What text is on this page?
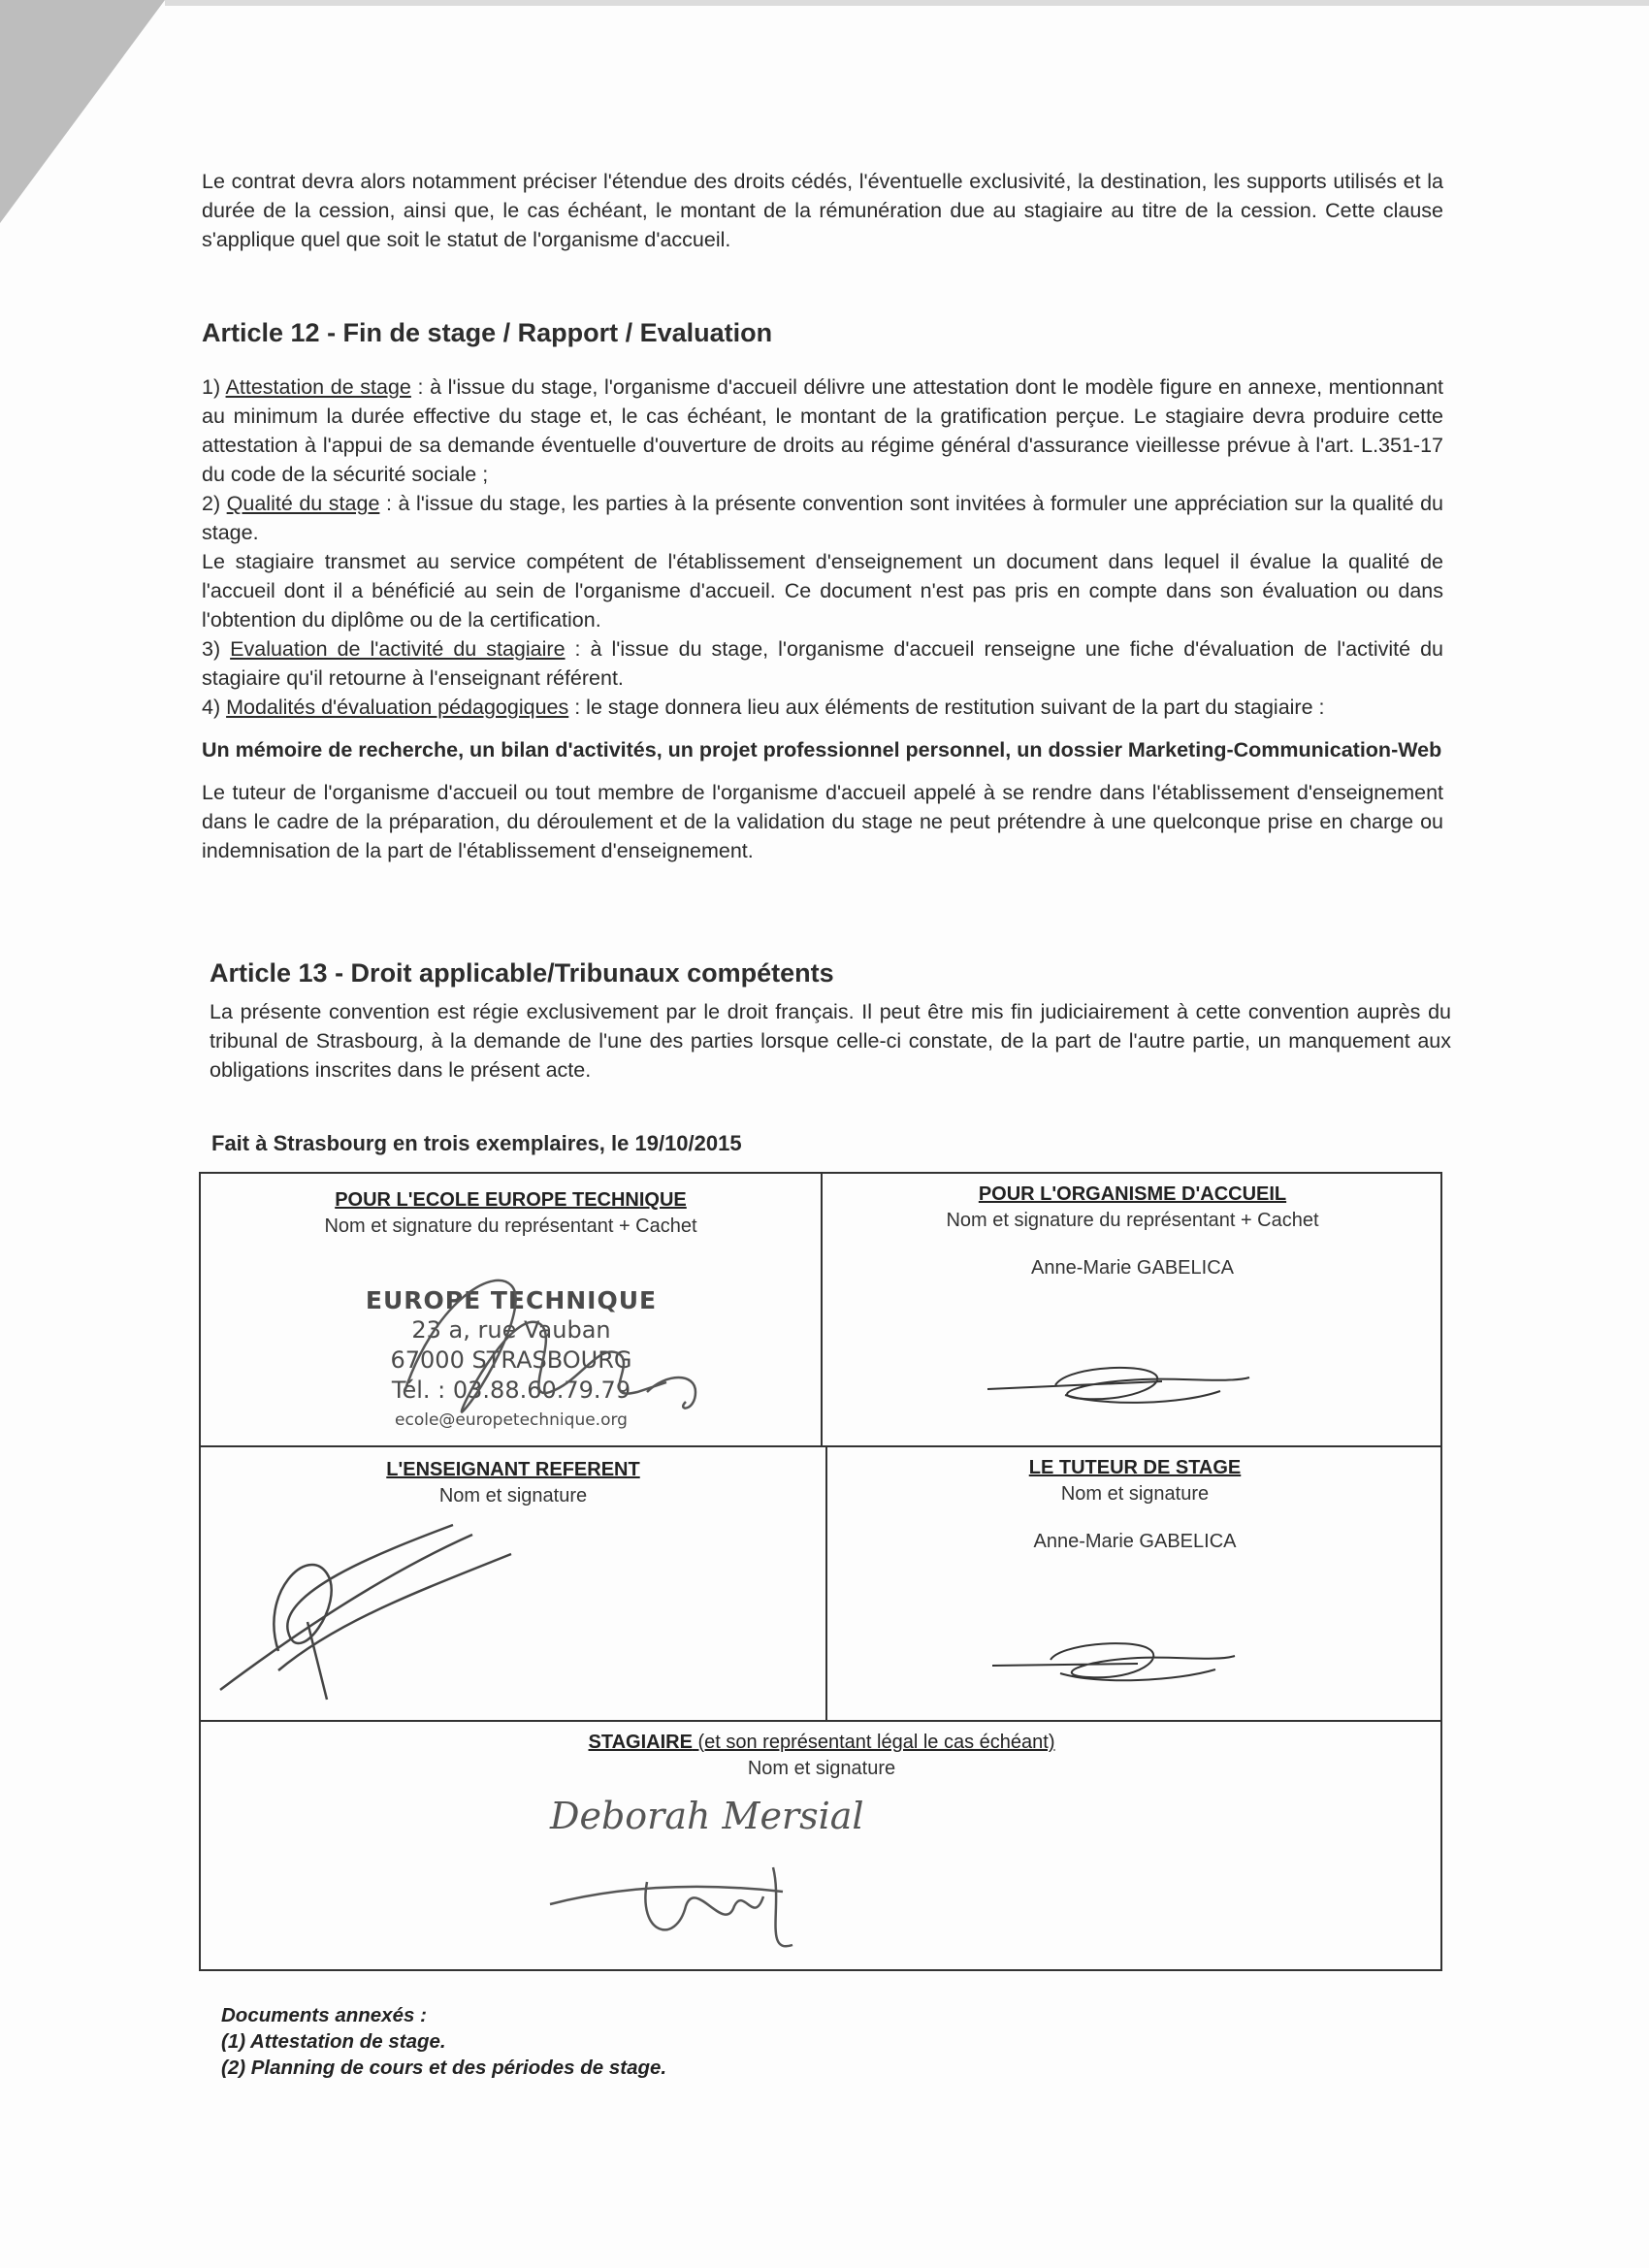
Le contrat devra alors notamment préciser l'étendue des droits cédés, l'éventuelle exclusivité, la destination, les supports utilisés et la durée de la cession, ainsi que, le cas échéant, le montant de la rémunération due au stagiaire au titre de la cession. Cette clause s'applique quel que soit le statut de l'organisme d'accueil.

Article 12 - Fin de stage / Rapport / Evaluation

1) Attestation de stage : à l'issue du stage, l'organisme d'accueil délivre une attestation dont le modèle figure en annexe, mentionnant au minimum la durée effective du stage et, le cas échéant, le montant de la gratification perçue. Le stagiaire devra produire cette attestation à l'appui de sa demande éventuelle d'ouverture de droits au régime général d'assurance vieillesse prévue à l'art. L.351-17 du code de la sécurité sociale ;

2) Qualité du stage : à l'issue du stage, les parties à la présente convention sont invitées à formuler une appréciation sur la qualité du stage.

Le stagiaire transmet au service compétent de l'établissement d'enseignement un document dans lequel il évalue la qualité de l'accueil dont il a bénéficié au sein de l'organisme d'accueil. Ce document n'est pas pris en compte dans son évaluation ou dans l'obtention du diplôme ou de la certification.

3) Evaluation de l'activité du stagiaire : à l'issue du stage, l'organisme d'accueil renseigne une fiche d'évaluation de l'activité du stagiaire qu'il retourne à l'enseignant référent.

4) Modalités d'évaluation pédagogiques : le stage donnera lieu aux éléments de restitution suivant de la part du stagiaire :

Un mémoire de recherche, un bilan d'activités, un projet professionnel personnel, un dossier Marketing-Communication-Web

Le tuteur de l'organisme d'accueil ou tout membre de l'organisme d'accueil appelé à se rendre dans l'établissement d'enseignement dans le cadre de la préparation, du déroulement et de la validation du stage ne peut prétendre à une quelconque prise en charge ou indemnisation de la part de l'établissement d'enseignement.

Article 13 - Droit applicable/Tribunaux compétents

La présente convention est régie exclusivement par le droit français. Il peut être mis fin judiciairement à cette convention auprès du tribunal de Strasbourg, à la demande de l'une des parties lorsque celle-ci constate, de la part de l'autre partie, un manquement aux obligations inscrites dans le présent acte.

Fait à Strasbourg en trois exemplaires, le 19/10/2015

POUR L'ECOLE EUROPE TECHNIQUE
Nom et signature du représentant + Cachet
EUROPE TECHNIQUE
23 a, rue Vauban
67000 STRASBOURG
Tél. : 03.88.60.79.79
ecole@europetechnique.org
POUR L'ORGANISME D'ACCUEIL
Nom et signature du représentant + Cachet
Anne-Marie GABELICA
L'ENSEIGNANT REFERENT
Nom et signature
LE TUTEUR DE STAGE
Nom et signature
Anne-Marie GABELICA
STAGIAIRE (et son représentant légal le cas échéant)
Nom et signature
Deborah Mersial
Documents annexés :
(1) Attestation de stage.
(2) Planning de cours et des périodes de stage.
